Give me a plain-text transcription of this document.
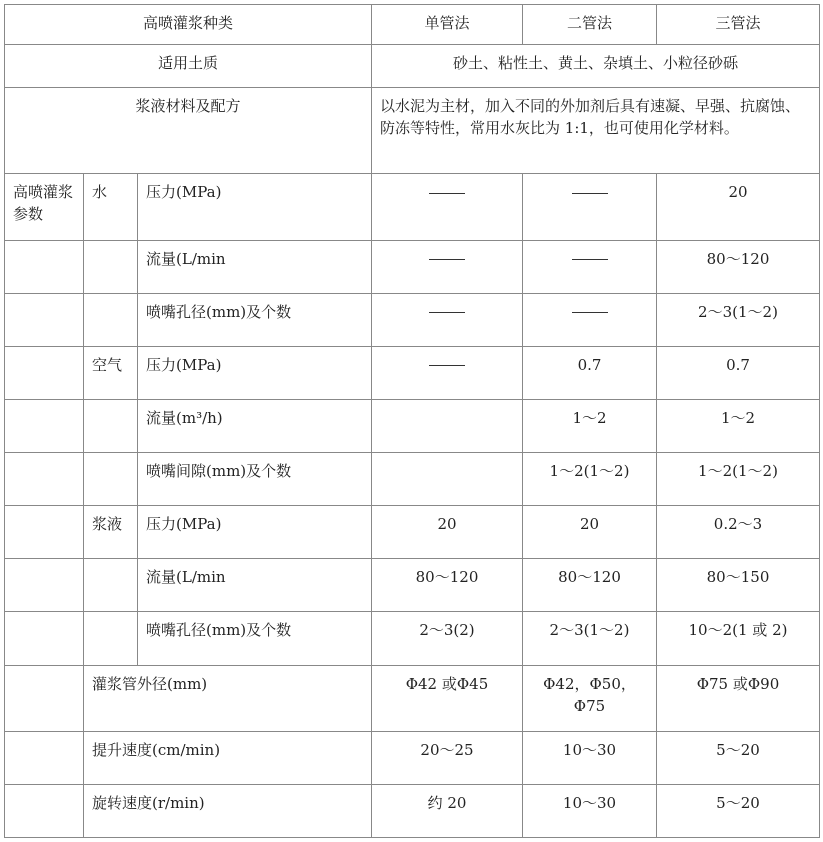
高喷灌浆种类			单管法	二管法	三管法
适用土质			砂土、粘性土、黄土、杂填土、小粒径砂砾		
浆液材料及配方			以水泥为主材，加入不同的外加剂后具有速凝、早强、抗腐蚀、防冻等特性，常用水灰比为 1:1，也可使用化学材料。		
高喷灌浆参数	水	压力(MPa)			20
		流量(L/min			80～120
		喷嘴孔径(mm)及个数			2～3(1～2)
	空气	压力(MPa)		0.7	0.7
		流量(m³/h)		1～2	1～2
		喷嘴间隙(mm)及个数		1～2(1～2)	1～2(1～2)
	浆液	压力(MPa)	20	20	0.2～3
		流量(L/min	80～120	80～120	80～150
		喷嘴孔径(mm)及个数	2～3(2)	2～3(1～2)	10～2(1 或 2)
	灌浆管外径(mm)		Φ42 或Φ45	Φ42，Φ50，Φ75	Φ75 或Φ90
	提升速度(cm/min)		20～25	10～30	5～20
	旋转速度(r/min)		约 20	10～30	5～20
